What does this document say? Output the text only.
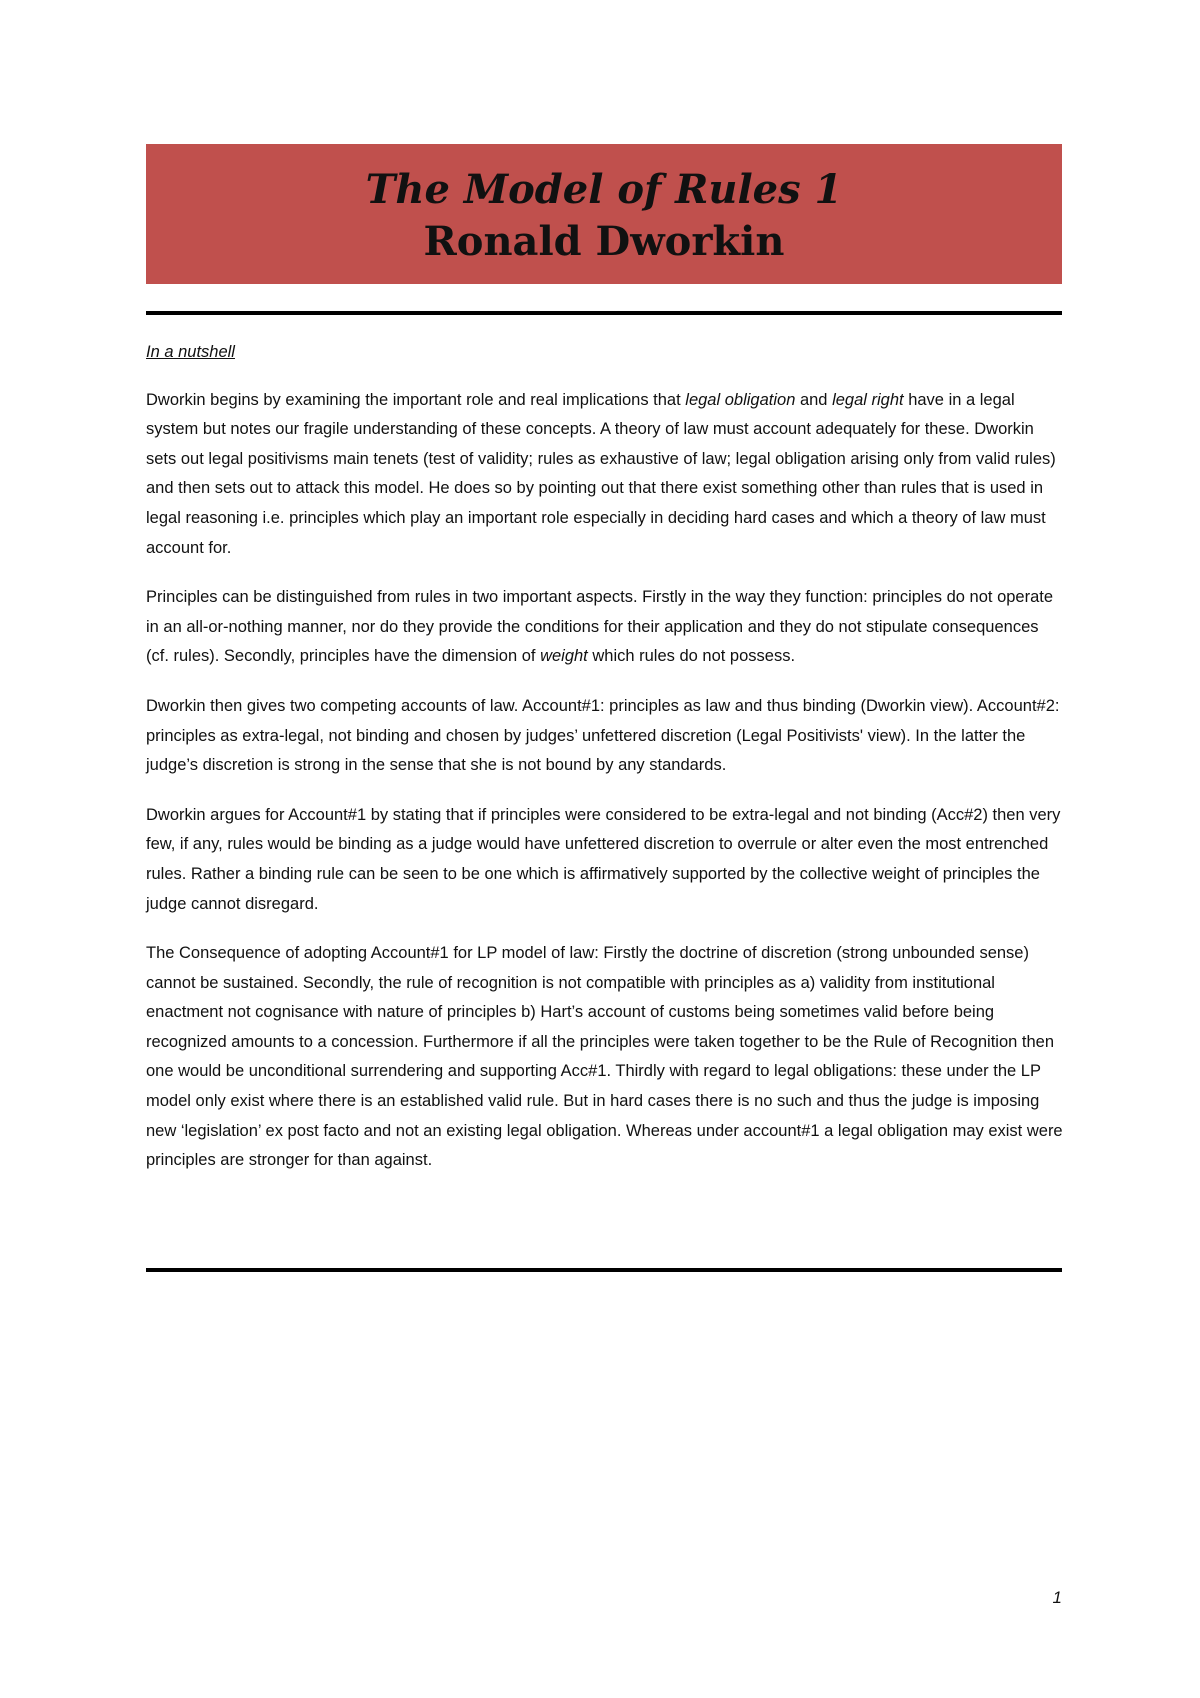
The Model of Rules 1
Ronald Dworkin
In a nutshell

Dworkin begins by examining the important role and real implications that legal obligation and legal right have in a legal system but notes our fragile understanding of these concepts. A theory of law must account adequately for these. Dworkin sets out legal positivisms main tenets (test of validity; rules as exhaustive of law; legal obligation arising only from valid rules) and then sets out to attack this model. He does so by pointing out that there exist something other than rules that is used in legal reasoning i.e. principles which play an important role especially in deciding hard cases and which a theory of law must account for.

Principles can be distinguished from rules in two important aspects. Firstly in the way they function: principles do not operate in an all-or-nothing manner, nor do they provide the conditions for their application and they do not stipulate consequences (cf. rules). Secondly, principles have the dimension of weight which rules do not possess.

Dworkin then gives two competing accounts of law. Account#1: principles as law and thus binding (Dworkin view). Account#2: principles as extra-legal, not binding and chosen by judges’ unfettered discretion (Legal Positivists' view). In the latter the judge’s discretion is strong in the sense that she is not bound by any standards.

Dworkin argues for Account#1 by stating that if principles were considered to be extra-legal and not binding (Acc#2) then very few, if any, rules would be binding as a judge would have unfettered discretion to overrule or alter even the most entrenched rules. Rather a binding rule can be seen to be one which is affirmatively supported by the collective weight of principles the judge cannot disregard.

The Consequence of adopting Account#1 for LP model of law: Firstly the doctrine of discretion (strong unbounded sense) cannot be sustained. Secondly, the rule of recognition is not compatible with principles as a) validity from institutional enactment not cognisance with nature of principles b) Hart’s account of customs being sometimes valid before being recognized amounts to a concession. Furthermore if all the principles were taken together to be the Rule of Recognition then one would be unconditional surrendering and supporting Acc#1. Thirdly with regard to legal obligations: these under the LP model only exist where there is an established valid rule. But in hard cases there is no such and thus the judge is imposing new ‘legislation’ ex post facto and not an existing legal obligation. Whereas under account#1 a legal obligation may exist were principles are stronger for than against.

1
